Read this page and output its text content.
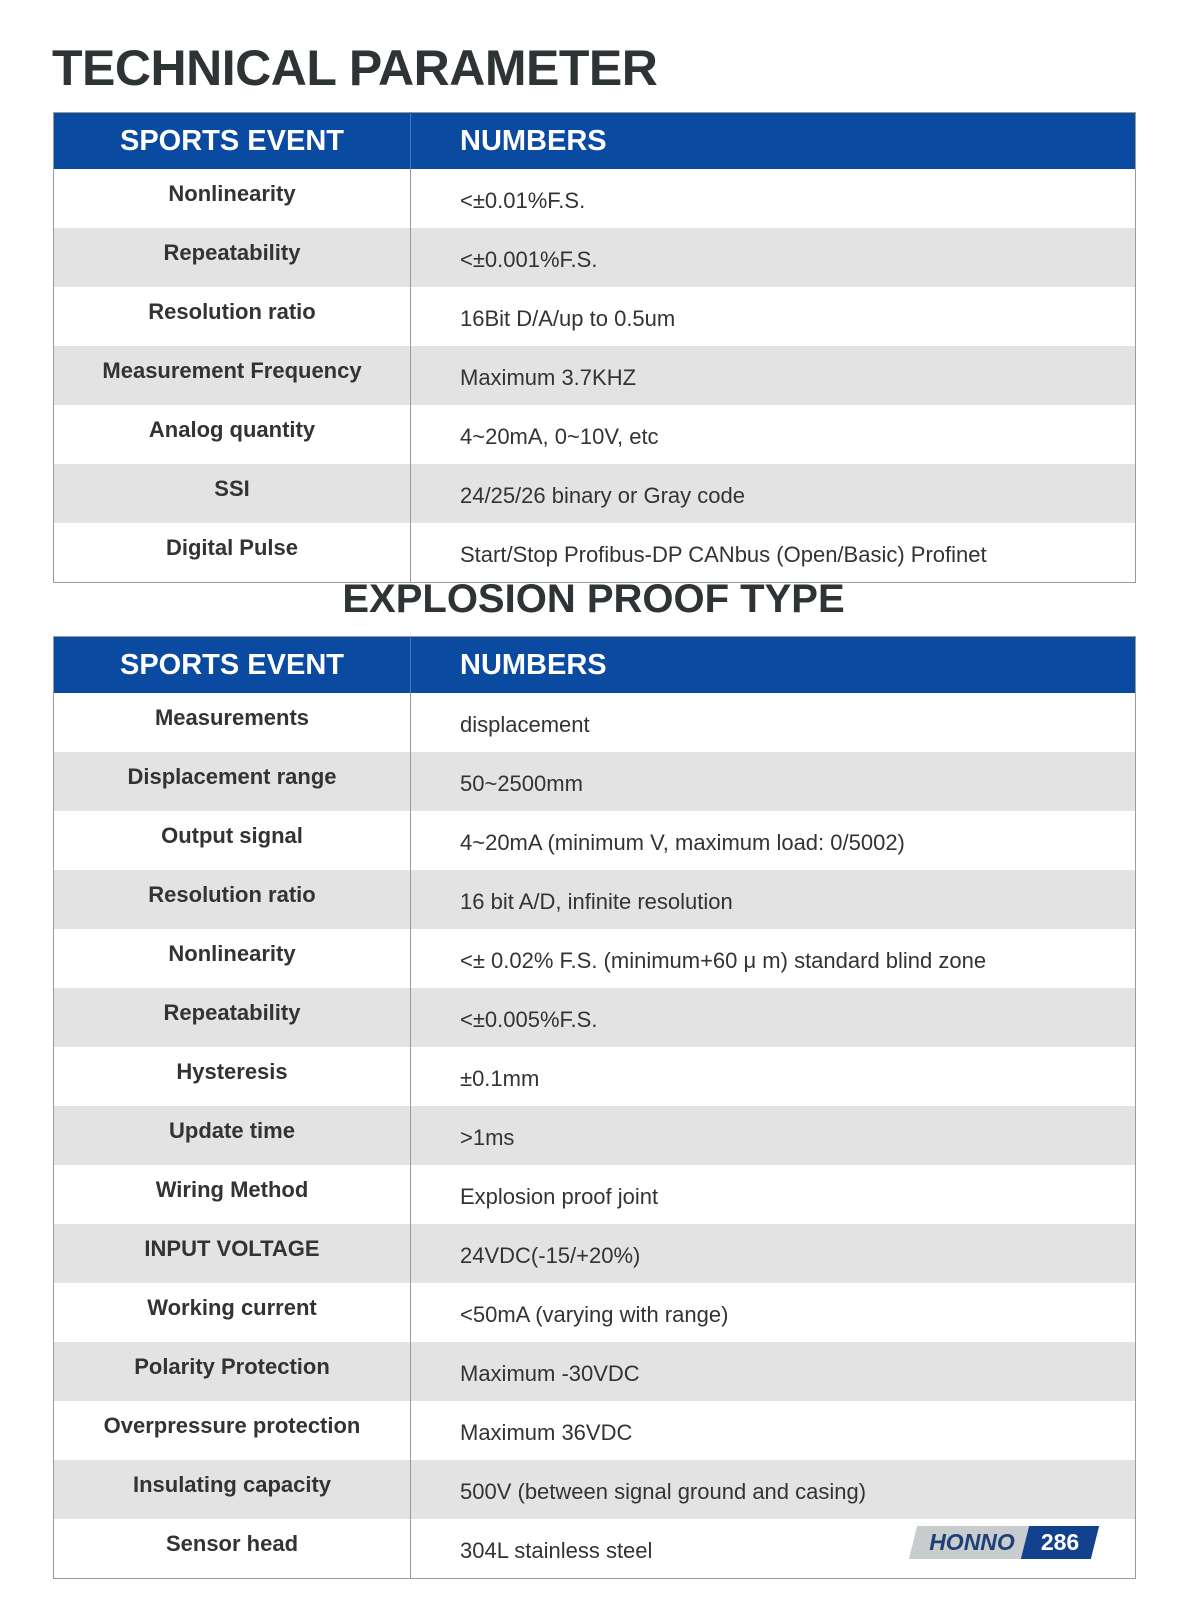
TECHNICAL PARAMETER
SPORTS EVENT	NUMBERS
Nonlinearity	<±0.01%F.S.
Repeatability	<±0.001%F.S.
Resolution ratio	16Bit D/A/up to 0.5um
Measurement Frequency	Maximum 3.7KHZ
Analog quantity	4~20mA, 0~10V, etc
SSI	24/25/26 binary or Gray code
Digital Pulse	Start/Stop Profibus-DP CANbus (Open/Basic) Profinet
EXPLOSION PROOF TYPE
SPORTS EVENT	NUMBERS
Measurements	displacement
Displacement range	50~2500mm
Output signal	4~20mA (minimum V, maximum load: 0/5002)
Resolution ratio	16 bit A/D, infinite resolution
Nonlinearity	<± 0.02% F.S. (minimum+60 μ m) standard blind zone
Repeatability	<±0.005%F.S.
Hysteresis	±0.1mm
Update time	>1ms
Wiring Method	Explosion proof joint
INPUT VOLTAGE	24VDC(-15/+20%)
Working current	<50mA (varying with range)
Polarity Protection	Maximum -30VDC
Overpressure protection	Maximum 36VDC
Insulating capacity	500V (between signal ground and casing)
Sensor head	304L stainless steel	HONNO	286
